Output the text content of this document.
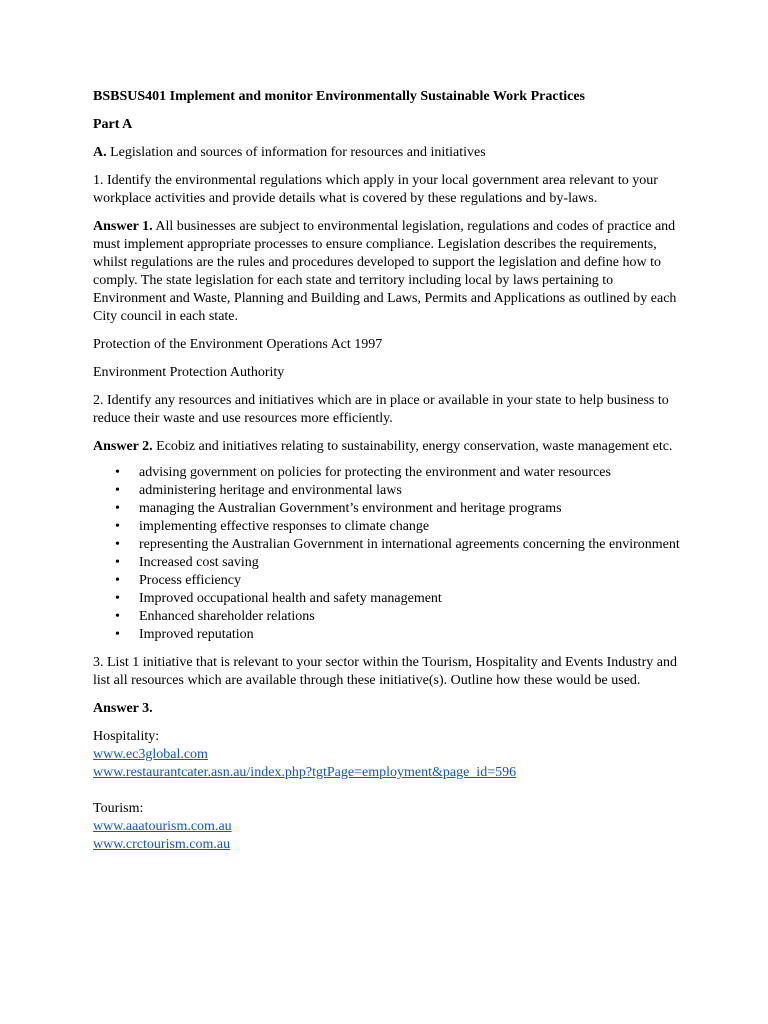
BSBSUS401 Implement and monitor Environmentally Sustainable Work Practices

Part A

A. Legislation and sources of information for resources and initiatives

1. Identify the environmental regulations which apply in your local government area relevant to your workplace activities and provide details what is covered by these regulations and by-laws.

Answer 1. All businesses are subject to environmental legislation, regulations and codes of practice and must implement appropriate processes to ensure compliance. Legislation describes the requirements, whilst regulations are the rules and procedures developed to support the legislation and define how to comply. The state legislation for each state and territory including local by laws pertaining to Environment and Waste, Planning and Building and Laws, Permits and Applications as outlined by each City council in each state.

Protection of the Environment Operations Act 1997

Environment Protection Authority

2. Identify any resources and initiatives which are in place or available in your state to help business to reduce their waste and use resources more efficiently.

Answer 2. Ecobiz and initiatives relating to sustainability, energy conservation, waste management etc.

• advising government on policies for protecting the environment and water resources
• administering heritage and environmental laws
• managing the Australian Government’s environment and heritage programs
• implementing effective responses to climate change
• representing the Australian Government in international agreements concerning the environment
• Increased cost saving
• Process efficiency
• Improved occupational health and safety management
• Enhanced shareholder relations
• Improved reputation

3. List 1 initiative that is relevant to your sector within the Tourism, Hospitality and Events Industry and list all resources which are available through these initiative(s). Outline how these would be used.

Answer 3.

Hospitality:
www.ec3global.com
www.restaurantcater.asn.au/index.php?tgtPage=employment&page_id=596
Tourism:
www.aaatourism.com.au
www.crctourism.com.au
